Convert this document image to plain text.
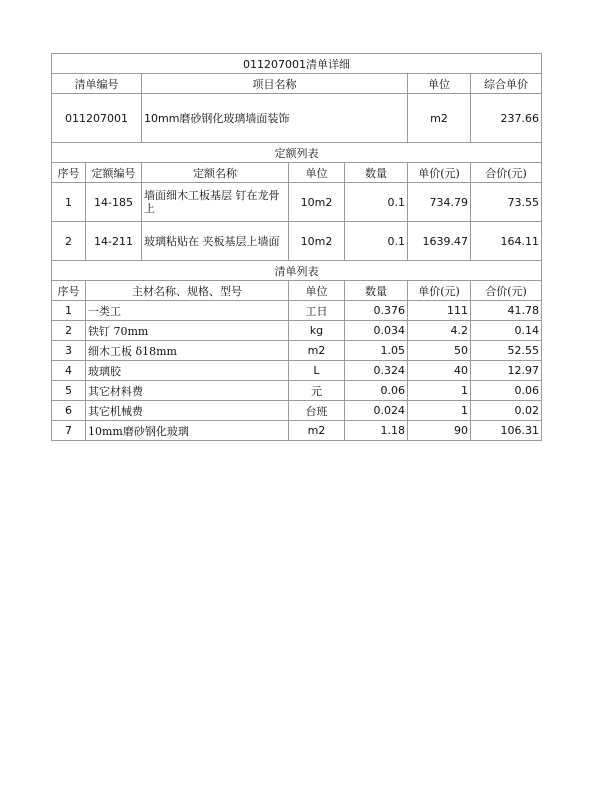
011207001清单详细						
清单编号		项目名称			单位	综合单价
011207001		10mm磨砂钢化玻璃墙面装饰			m2	237.66
定额列表						
序号	定额编号	定额名称	单位	数量	单价(元)	合价(元)
1	14-185	墙面细木工板基层 钉在龙骨上	10m2	0.1	734.79	73.55
2	14-211	玻璃粘贴在 夹板基层上墙面	10m2	0.1	1639.47	164.11
清单列表						
序号	主材名称、规格、型号		单位	数量	单价(元)	合价(元)
1	一类工		工日	0.376	111	41.78
2	铁钉 70mm		kg	0.034	4.2	0.14
3	细木工板 δ18mm		m2	1.05	50	52.55
4	玻璃胶		L	0.324	40	12.97
5	其它材料费		元	0.06	1	0.06
6	其它机械费		台班	0.024	1	0.02
7	10mm磨砂钢化玻璃		m2	1.18	90	106.31
